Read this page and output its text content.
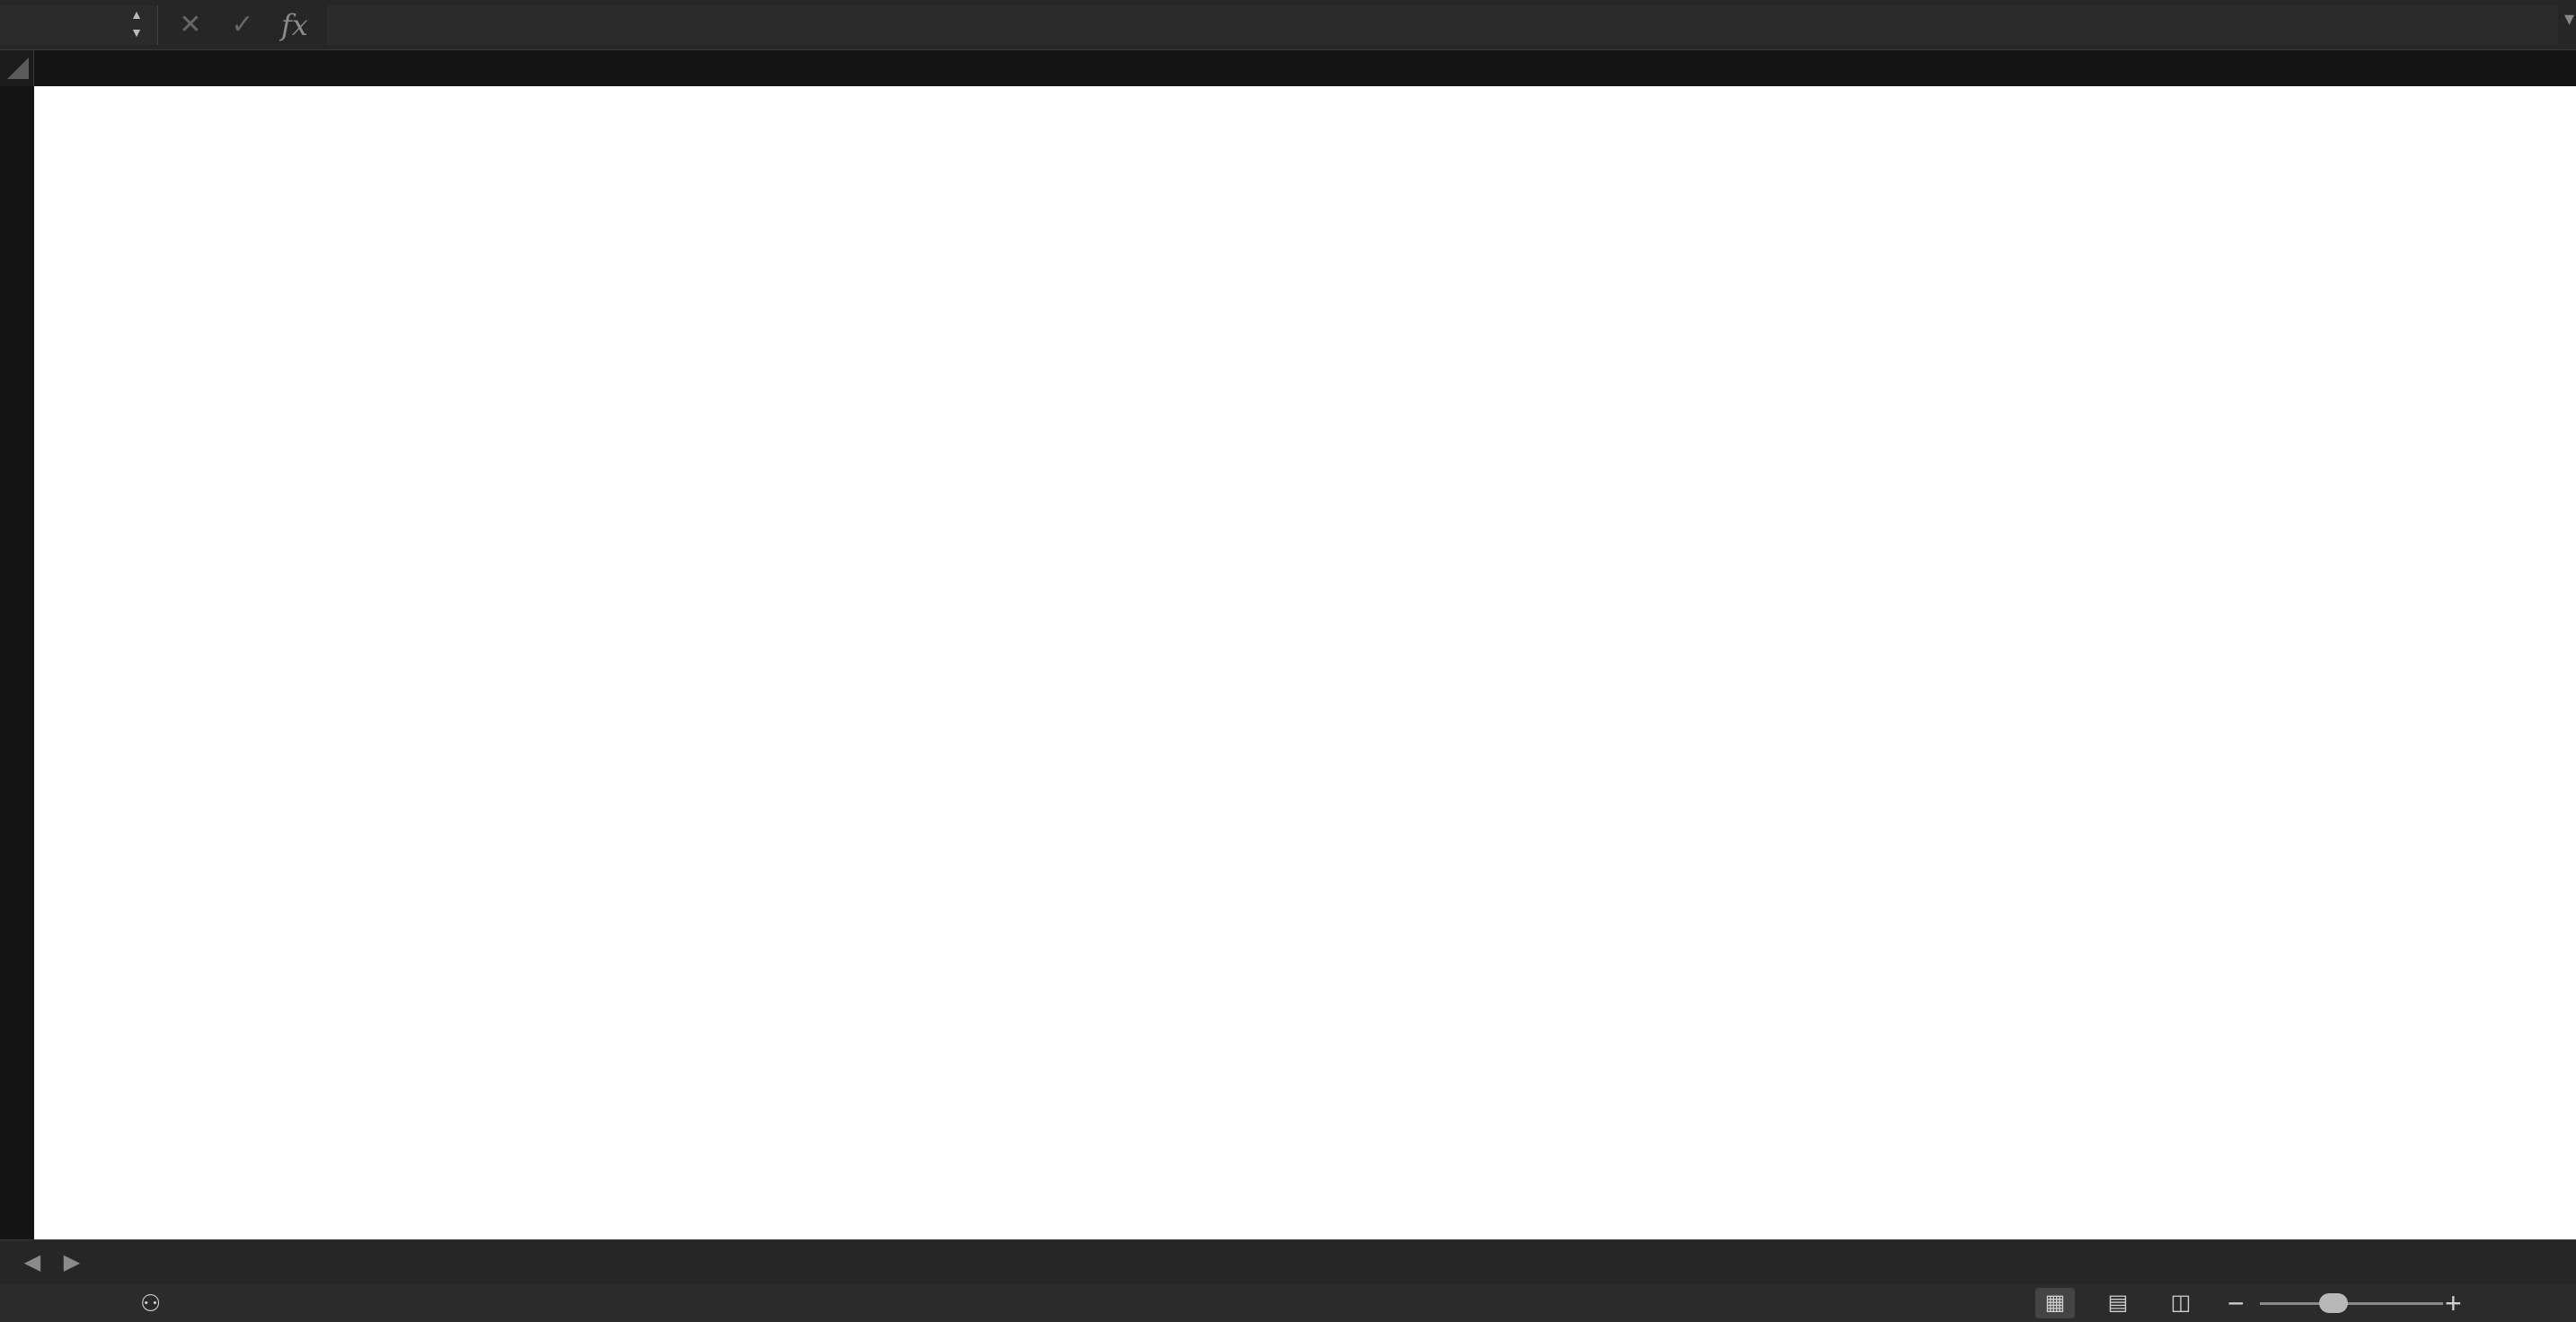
▲
▼	✕	✓ fx	▾
◀	▶
⚇	▦	▤	◫	−	+
